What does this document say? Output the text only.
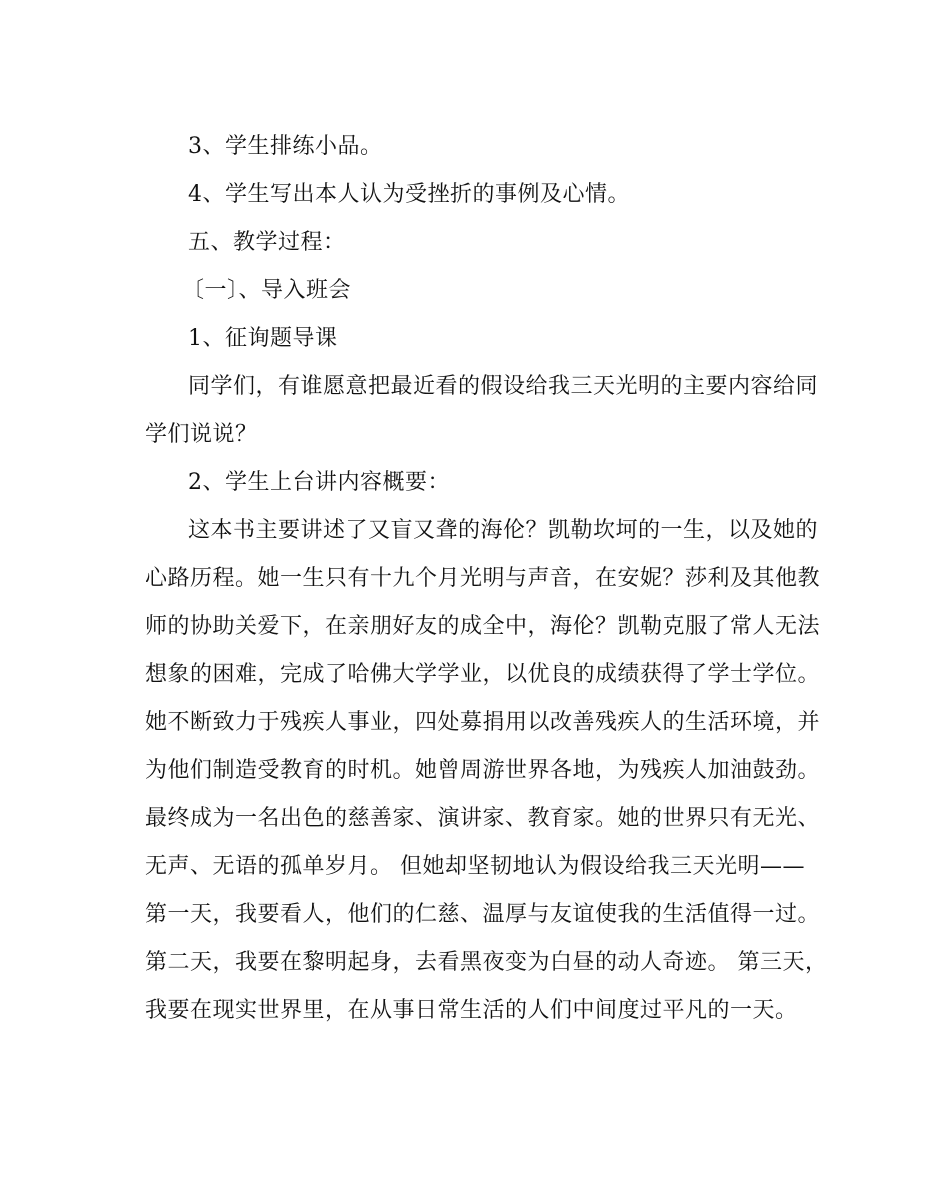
3、学生排练小品。
4、学生写出本人认为受挫折的事例及心情。
五、教学过程：
〔一〕、导入班会
1、征询题导课
同学们，有谁愿意把最近看的假设给我三天光明的主要内容给同
学们说说？
2、学生上台讲内容概要：
这本书主要讲述了又盲又聋的海伦？凯勒坎坷的一生，以及她的
心路历程。她一生只有十九个月光明与声音，在安妮？莎利及其他教
师的协助关爱下，在亲朋好友的成全中，海伦？凯勒克服了常人无法
想象的困难，完成了哈佛大学学业，以优良的成绩获得了学士学位。
她不断致力于残疾人事业，四处募捐用以改善残疾人的生活环境，并
为他们制造受教育的时机。她曾周游世界各地，为残疾人加油鼓劲。
最终成为一名出色的慈善家、演讲家、教育家。她的世界只有无光、
无声、无语的孤单岁月。 但她却坚韧地认为假设给我三天光明——
第一天，我要看人，他们的仁慈、温厚与友谊使我的生活值得一过。
第二天，我要在黎明起身，去看黑夜变为白昼的动人奇迹。 第三天，
我要在现实世界里，在从事日常生活的人们中间度过平凡的一天。
